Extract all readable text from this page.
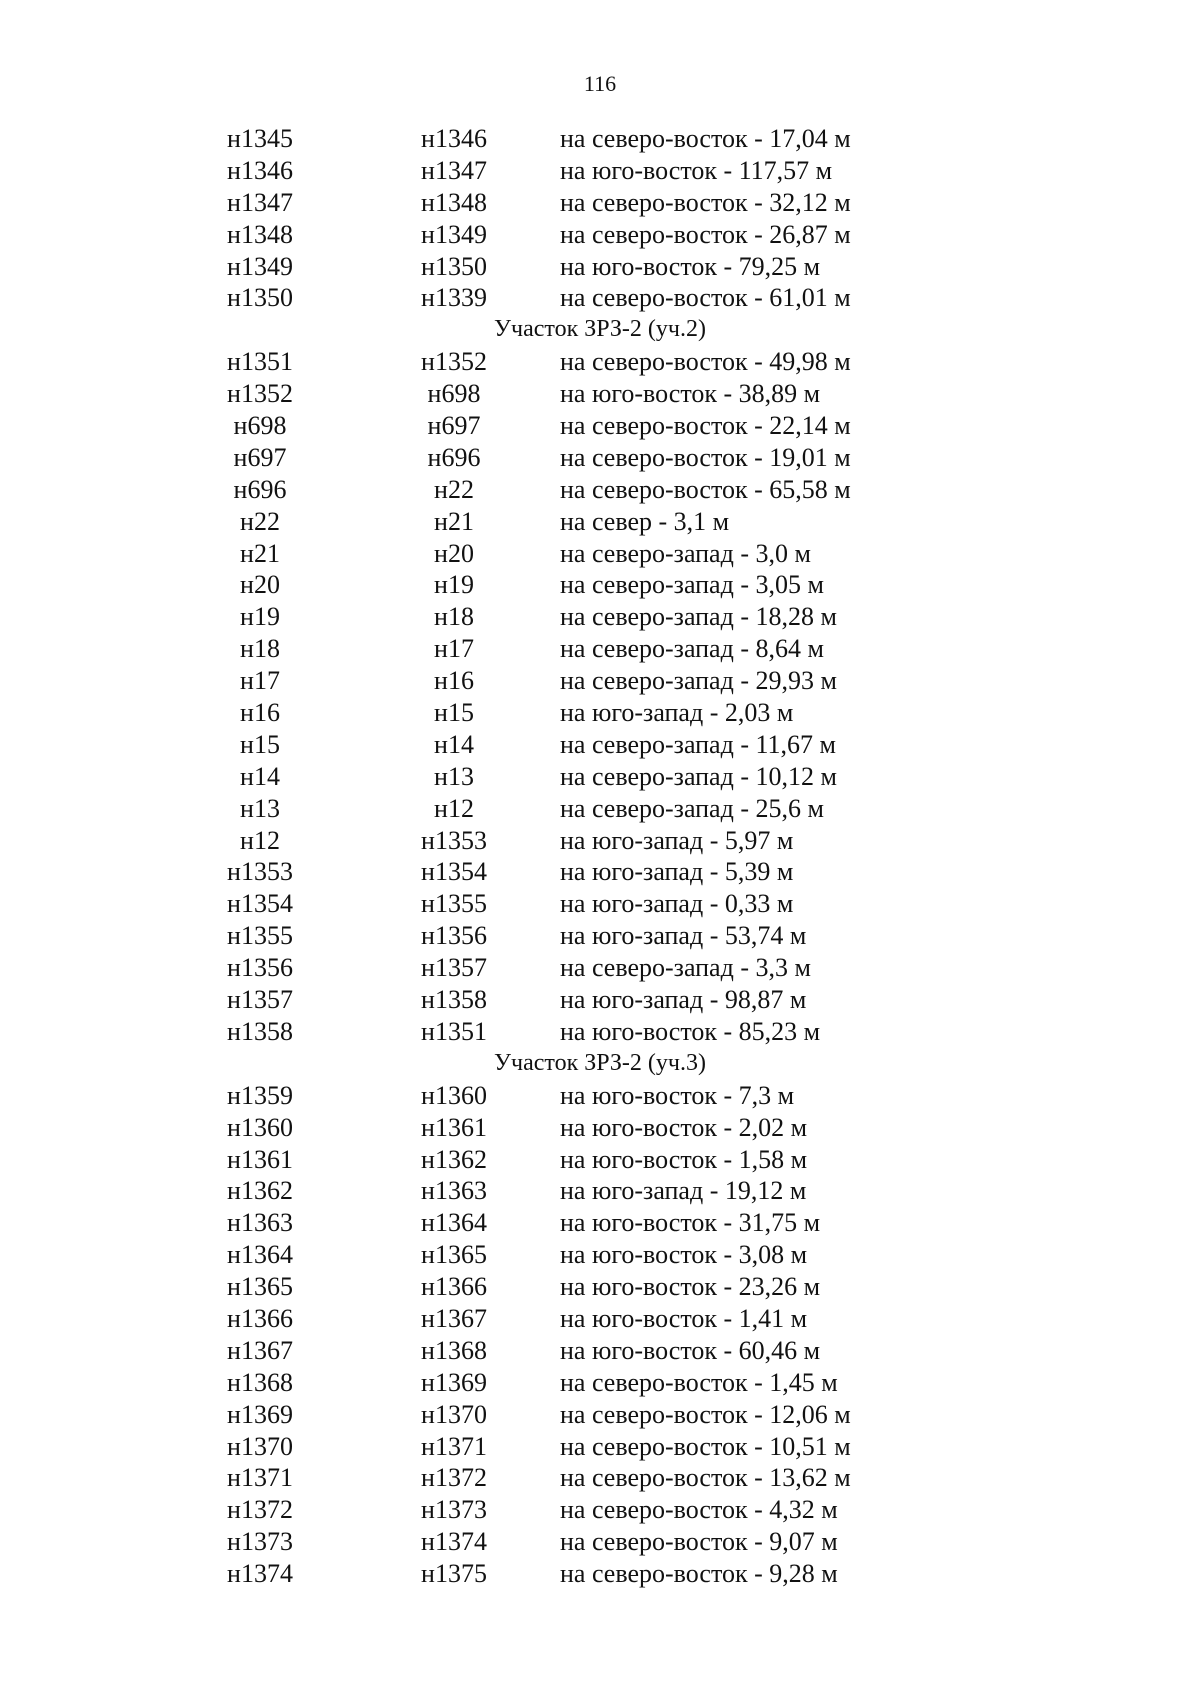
116
н1345	н1346	на северо-восток - 17,04 м
н1346	н1347	на юго-восток - 117,57 м
н1347	н1348	на северо-восток - 32,12 м
н1348	н1349	на северо-восток - 26,87 м
н1349	н1350	на юго-восток - 79,25 м
н1350	н1339	на северо-восток - 61,01 м
Участок ЗРЗ-2 (уч.2)
н1351	н1352	на северо-восток - 49,98 м
н1352	н698	на юго-восток - 38,89 м
н698	н697	на северо-восток - 22,14 м
н697	н696	на северо-восток - 19,01 м
н696	н22	на северо-восток - 65,58 м
н22	н21	на север - 3,1 м
н21	н20	на северо-запад - 3,0 м
н20	н19	на северо-запад - 3,05 м
н19	н18	на северо-запад - 18,28 м
н18	н17	на северо-запад - 8,64 м
н17	н16	на северо-запад - 29,93 м
н16	н15	на юго-запад - 2,03 м
н15	н14	на северо-запад - 11,67 м
н14	н13	на северо-запад - 10,12 м
н13	н12	на северо-запад - 25,6 м
н12	н1353	на юго-запад - 5,97 м
н1353	н1354	на юго-запад - 5,39 м
н1354	н1355	на юго-запад - 0,33 м
н1355	н1356	на юго-запад - 53,74 м
н1356	н1357	на северо-запад - 3,3 м
н1357	н1358	на юго-запад - 98,87 м
н1358	н1351	на юго-восток - 85,23 м
Участок ЗРЗ-2 (уч.3)
н1359	н1360	на юго-восток - 7,3 м
н1360	н1361	на юго-восток - 2,02 м
н1361	н1362	на юго-восток - 1,58 м
н1362	н1363	на юго-запад - 19,12 м
н1363	н1364	на юго-восток - 31,75 м
н1364	н1365	на юго-восток - 3,08 м
н1365	н1366	на юго-восток - 23,26 м
н1366	н1367	на юго-восток - 1,41 м
н1367	н1368	на юго-восток - 60,46 м
н1368	н1369	на северо-восток - 1,45 м
н1369	н1370	на северо-восток - 12,06 м
н1370	н1371	на северо-восток - 10,51 м
н1371	н1372	на северо-восток - 13,62 м
н1372	н1373	на северо-восток - 4,32 м
н1373	н1374	на северо-восток - 9,07 м
н1374	н1375	на северо-восток - 9,28 м
